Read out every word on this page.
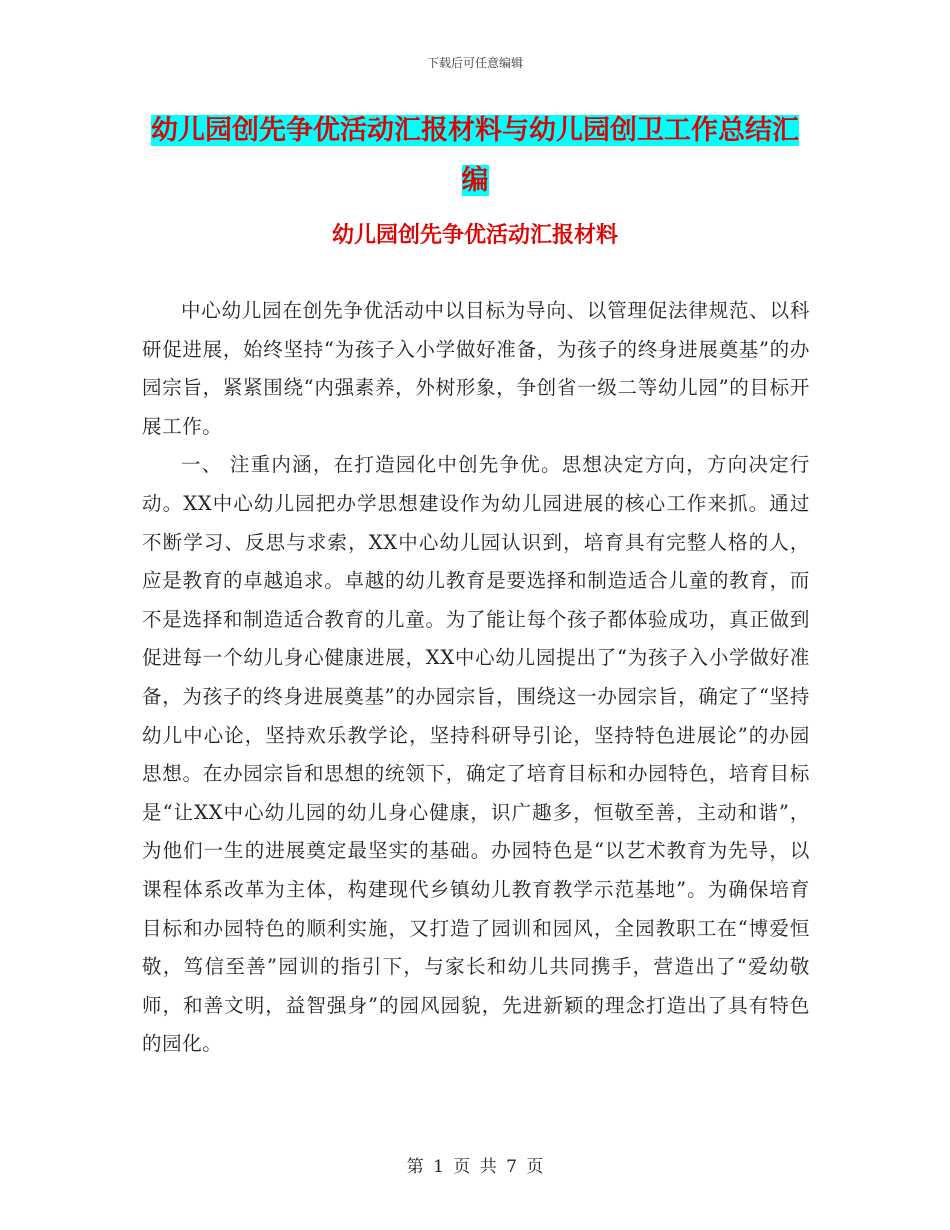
下载后可任意编辑
幼儿园创先争优活动汇报材料与幼儿园创卫工作总结汇编
幼儿园创先争优活动汇报材料

中心幼儿园在创先争优活动中以目标为导向、以管理促法律规范、以科研促进展，始终坚持“为孩子入小学做好准备，为孩子的终身进展奠基”的办园宗旨，紧紧围绕“内强素养，外树形象，争创省一级二等幼儿园”的目标开展工作。

一、 注重内涵，在打造园化中创先争优。思想决定方向，方向决定行动。XX中心幼儿园把办学思想建设作为幼儿园进展的核心工作来抓。通过不断学习、反思与求索，XX中心幼儿园认识到，培育具有完整人格的人，应是教育的卓越追求。卓越的幼儿教育是要选择和制造适合儿童的教育，而不是选择和制造适合教育的儿童。为了能让每个孩子都体验成功，真正做到促进每一个幼儿身心健康进展，XX中心幼儿园提出了“为孩子入小学做好准备，为孩子的终身进展奠基”的办园宗旨，围绕这一办园宗旨，确定了“坚持幼儿中心论，坚持欢乐教学论，坚持科研导引论，坚持特色进展论”的办园思想。在办园宗旨和思想的统领下，确定了培育目标和办园特色，培育目标是“让XX中心幼儿园的幼儿身心健康，识广趣多，恒敬至善，主动和谐”，为他们一生的进展奠定最坚实的基础。办园特色是“以艺术教育为先导，以课程体系改革为主体，构建现代乡镇幼儿教育教学示范基地”。为确保培育目标和办园特色的顺利实施，又打造了园训和园风，全园教职工在“博爱恒敬，笃信至善”园训的指引下，与家长和幼儿共同携手，营造出了“爱幼敬师，和善文明，益智强身”的园风园貌，先进新颖的理念打造出了具有特色的园化。

第 1 页 共 7 页
